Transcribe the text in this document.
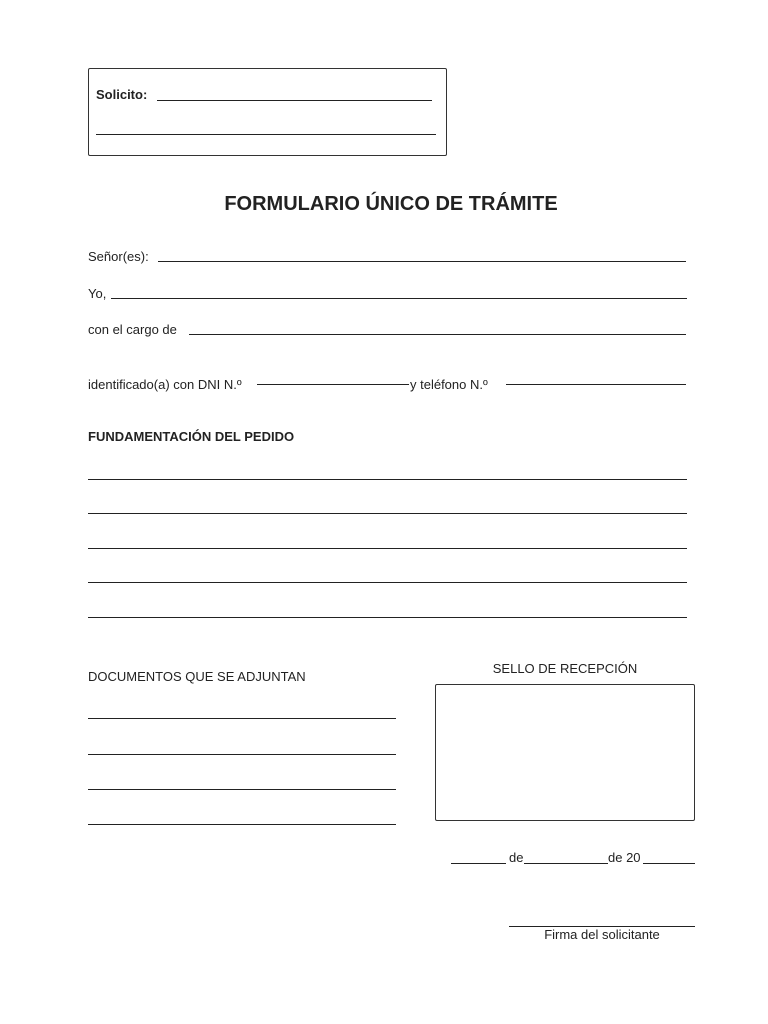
Solicito:
FORMULARIO ÚNICO DE TRÁMITE
Señor(es):
Yo,
con el cargo de
identificado(a) con DNI N.º	y teléfono N.º
FUNDAMENTACIÓN DEL PEDIDO
DOCUMENTOS QUE SE ADJUNTAN
SELLO DE RECEPCIÓN
de	de 20
Firma del solicitante
